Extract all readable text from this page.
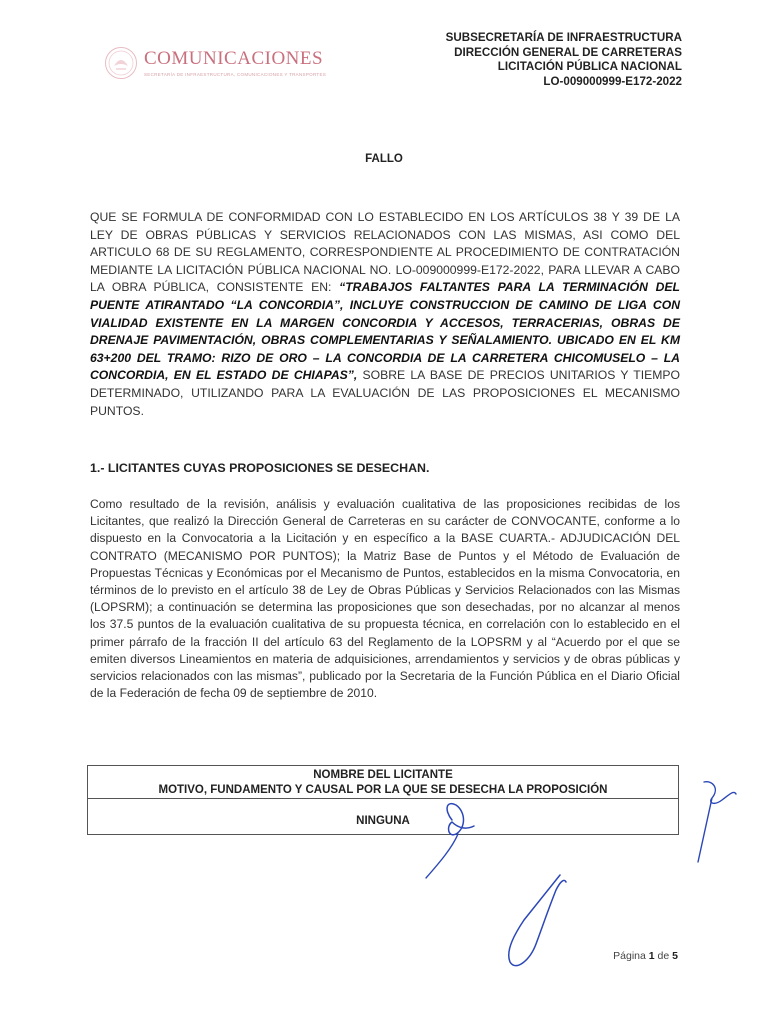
COMUNICACIONES
SECRETARÍA DE INFRAESTRUCTURA, COMUNICACIONES Y TRANSPORTES
SUBSECRETARÍA DE INFRAESTRUCTURA
DIRECCIÓN GENERAL DE CARRETERAS
LICITACIÓN PÚBLICA NACIONAL
LO-009000999-E172-2022
FALLO
QUE SE FORMULA DE CONFORMIDAD CON LO ESTABLECIDO EN LOS ARTÍCULOS 38 Y 39 DE LA LEY DE OBRAS PÚBLICAS Y SERVICIOS RELACIONADOS CON LAS MISMAS, ASI COMO DEL ARTICULO 68 DE SU REGLAMENTO, CORRESPONDIENTE AL PROCEDIMIENTO DE CONTRATACIÓN MEDIANTE LA LICITACIÓN PÚBLICA NACIONAL NO. LO-009000999-E172-2022, PARA LLEVAR A CABO LA OBRA PÚBLICA, CONSISTENTE EN: “TRABAJOS FALTANTES PARA LA TERMINACIÓN DEL PUENTE ATIRANTADO “LA CONCORDIA”, INCLUYE CONSTRUCCION DE CAMINO DE LIGA CON VIALIDAD EXISTENTE EN LA MARGEN CONCORDIA Y ACCESOS, TERRACERIAS, OBRAS DE DRENAJE PAVIMENTACIÓN, OBRAS COMPLEMENTARIAS Y SEÑALAMIENTO. UBICADO EN EL KM 63+200 DEL TRAMO: RIZO DE ORO – LA CONCORDIA DE LA CARRETERA CHICOMUSELO – LA CONCORDIA, EN EL ESTADO DE CHIAPAS”, SOBRE LA BASE DE PRECIOS UNITARIOS Y TIEMPO DETERMINADO, UTILIZANDO PARA LA EVALUACIÓN DE LAS PROPOSICIONES EL MECANISMO PUNTOS.
1.- LICITANTES CUYAS PROPOSICIONES SE DESECHAN.
Como resultado de la revisión, análisis y evaluación cualitativa de las proposiciones recibidas de los Licitantes, que realizó la Dirección General de Carreteras en su carácter de CONVOCANTE, conforme a lo dispuesto en la Convocatoria a la Licitación y en específico a la BASE CUARTA.- ADJUDICACIÓN DEL CONTRATO (MECANISMO POR PUNTOS); la Matriz Base de Puntos y el Método de Evaluación de Propuestas Técnicas y Económicas por el Mecanismo de Puntos, establecidos en la misma Convocatoria, en términos de lo previsto en el artículo 38 de Ley de Obras Públicas y Servicios Relacionados con las Mismas (LOPSRM); a continuación se determina las proposiciones que son desechadas, por no alcanzar al menos los 37.5 puntos de la evaluación cualitativa de su propuesta técnica, en correlación con lo establecido en el primer párrafo de la fracción II del artículo 63 del Reglamento de la LOPSRM y al “Acuerdo por el que se emiten diversos Lineamientos en materia de adquisiciones, arrendamientos y servicios y de obras públicas y servicios relacionados con las mismas”, publicado por la Secretaria de la Función Pública en el Diario Oficial de la Federación de fecha 09 de septiembre de 2010.
NOMBRE DEL LICITANTE
MOTIVO, FUNDAMENTO Y CAUSAL POR LA QUE SE DESECHA LA PROPOSICIÓN
NINGUNA
Página 1 de 5
